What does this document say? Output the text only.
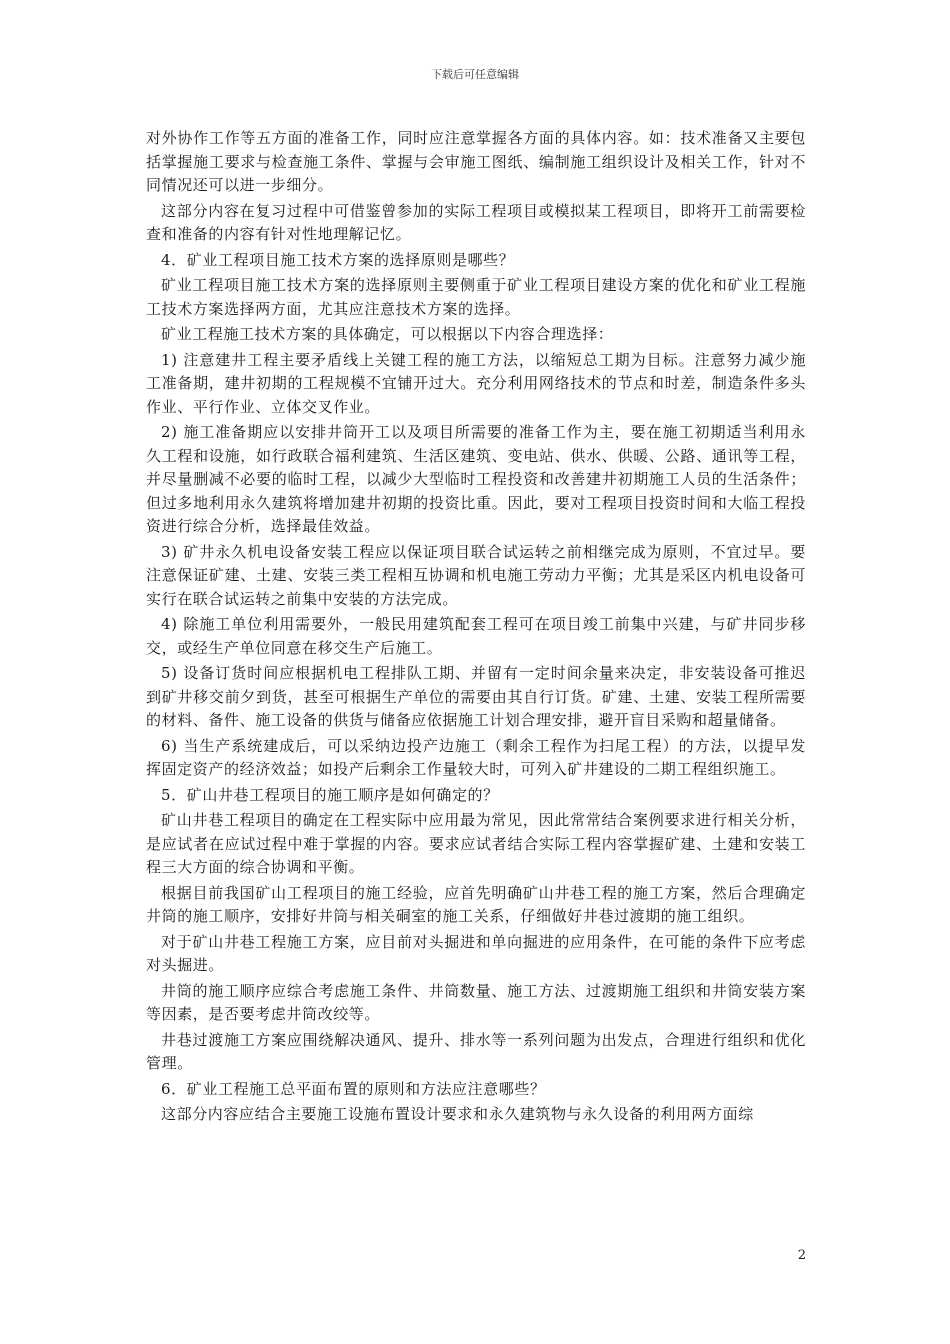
下载后可任意编辑

对外协作工作等五方面的准备工作，同时应注意掌握各方面的具体内容。如：技术准备又主要包括掌握施工要求与检查施工条件、掌握与会审施工图纸、编制施工组织设计及相关工作，针对不同情况还可以进一步细分。

这部分内容在复习过程中可借鉴曾参加的实际工程项目或模拟某工程项目，即将开工前需要检查和准备的内容有针对性地理解记忆。

4．矿业工程项目施工技术方案的选择原则是哪些？

矿业工程项目施工技术方案的选择原则主要侧重于矿业工程项目建设方案的优化和矿业工程施工技术方案选择两方面，尤其应注意技术方案的选择。

矿业工程施工技术方案的具体确定，可以根据以下内容合理选择：

1) 注意建井工程主要矛盾线上关键工程的施工方法，以缩短总工期为目标。注意努力减少施工准备期，建井初期的工程规模不宜铺开过大。充分利用网络技术的节点和时差，制造条件多头作业、平行作业、立体交叉作业。

2) 施工准备期应以安排井筒开工以及项目所需要的准备工作为主，要在施工初期适当利用永久工程和设施，如行政联合福利建筑、生活区建筑、变电站、供水、供暖、公路、通讯等工程，并尽量删减不必要的临时工程，以减少大型临时工程投资和改善建井初期施工人员的生活条件；但过多地利用永久建筑将增加建井初期的投资比重。因此，要对工程项目投资时间和大临工程投资进行综合分析，选择最佳效益。

3) 矿井永久机电设备安装工程应以保证项目联合试运转之前相继完成为原则，不宜过早。要注意保证矿建、土建、安装三类工程相互协调和机电施工劳动力平衡；尤其是采区内机电设备可实行在联合试运转之前集中安装的方法完成。

4) 除施工单位利用需要外，一般民用建筑配套工程可在项目竣工前集中兴建，与矿井同步移交，或经生产单位同意在移交生产后施工。

5) 设备订货时间应根据机电工程排队工期、并留有一定时间余量来决定，非安装设备可推迟到矿井移交前夕到货，甚至可根据生产单位的需要由其自行订货。矿建、土建、安装工程所需要的材料、备件、施工设备的供货与储备应依据施工计划合理安排，避开盲目采购和超量储备。

6) 当生产系统建成后，可以采纳边投产边施工（剩余工程作为扫尾工程）的方法，以提早发挥固定资产的经济效益；如投产后剩余工作量较大时，可列入矿井建设的二期工程组织施工。

5．矿山井巷工程项目的施工顺序是如何确定的？

矿山井巷工程项目的确定在工程实际中应用最为常见，因此常常结合案例要求进行相关分析，是应试者在应试过程中难于掌握的内容。要求应试者结合实际工程内容掌握矿建、土建和安装工程三大方面的综合协调和平衡。

根据目前我国矿山工程项目的施工经验，应首先明确矿山井巷工程的施工方案，然后合理确定井筒的施工顺序，安排好井筒与相关硐室的施工关系，仔细做好井巷过渡期的施工组织。

对于矿山井巷工程施工方案，应目前对头掘进和单向掘进的应用条件，在可能的条件下应考虑对头掘进。

井筒的施工顺序应综合考虑施工条件、井筒数量、施工方法、过渡期施工组织和井筒安装方案等因素，是否要考虑井筒改绞等。

井巷过渡施工方案应围绕解决通风、提升、排水等一系列问题为出发点，合理进行组织和优化管理。

6．矿业工程施工总平面布置的原则和方法应注意哪些？

这部分内容应结合主要施工设施布置设计要求和永久建筑物与永久设备的利用两方面综

2
